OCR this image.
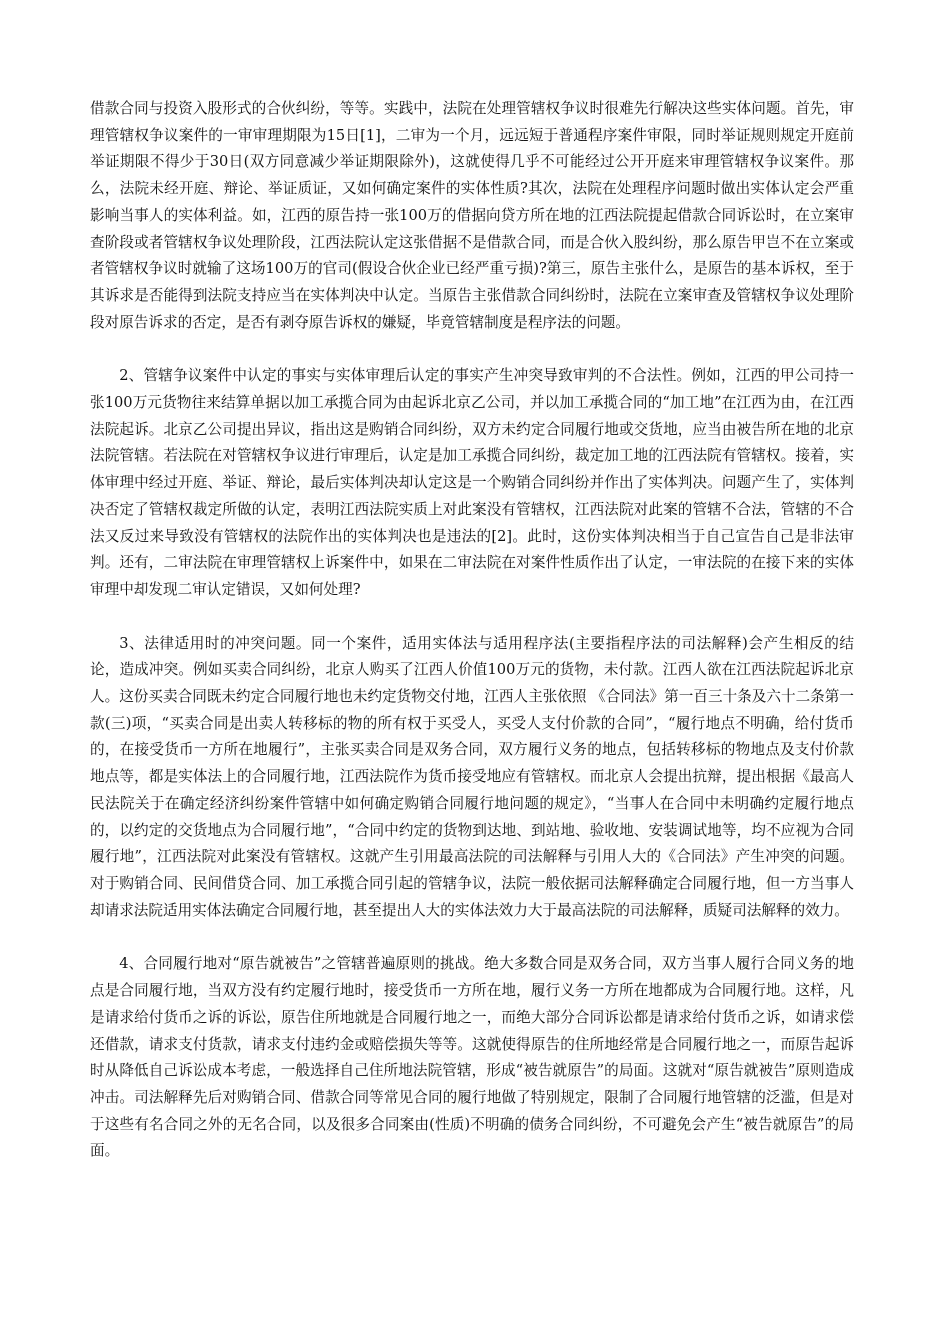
借款合同与投资入股形式的合伙纠纷，等等。实践中，法院在处理管辖权争议时很难先行解决这些实体问题。首先，审理管辖权争议案件的一审审理期限为15日[1]，二审为一个月，远远短于普通程序案件审限，同时举证规则规定开庭前举证期限不得少于30日(双方同意减少举证期限除外)，这就使得几乎不可能经过公开开庭来审理管辖权争议案件。那么，法院未经开庭、辩论、举证质证，又如何确定案件的实体性质?其次，法院在处理程序问题时做出实体认定会严重影响当事人的实体利益。如，江西的原告持一张100万的借据向贷方所在地的江西法院提起借款合同诉讼时，在立案审查阶段或者管辖权争议处理阶段，江西法院认定这张借据不是借款合同，而是合伙入股纠纷，那么原告甲岂不在立案或者管辖权争议时就输了这场100万的官司(假设合伙企业已经严重亏损)?第三，原告主张什么，是原告的基本诉权，至于其诉求是否能得到法院支持应当在实体判决中认定。当原告主张借款合同纠纷时，法院在立案审查及管辖权争议处理阶段对原告诉求的否定，是否有剥夺原告诉权的嫌疑，毕竟管辖制度是程序法的问题。

2、管辖争议案件中认定的事实与实体审理后认定的事实产生冲突导致审判的不合法性。例如，江西的甲公司持一张100万元货物往来结算单据以加工承揽合同为由起诉北京乙公司，并以加工承揽合同的“加工地”在江西为由，在江西法院起诉。北京乙公司提出异议，指出这是购销合同纠纷，双方未约定合同履行地或交货地，应当由被告所在地的北京法院管辖。若法院在对管辖权争议进行审理后，认定是加工承揽合同纠纷，裁定加工地的江西法院有管辖权。接着，实体审理中经过开庭、举证、辩论，最后实体判决却认定这是一个购销合同纠纷并作出了实体判决。问题产生了，实体判决否定了管辖权裁定所做的认定，表明江西法院实质上对此案没有管辖权，江西法院对此案的管辖不合法，管辖的不合法又反过来导致没有管辖权的法院作出的实体判决也是违法的[2]。此时，这份实体判决相当于自己宣告自己是非法审判。还有，二审法院在审理管辖权上诉案件中，如果在二审法院在对案件性质作出了认定，一审法院的在接下来的实体审理中却发现二审认定错误，又如何处理?

3、法律适用时的冲突问题。同一个案件，适用实体法与适用程序法(主要指程序法的司法解释)会产生相反的结论，造成冲突。例如买卖合同纠纷，北京人购买了江西人价值100万元的货物，未付款。江西人欲在江西法院起诉北京人。这份买卖合同既未约定合同履行地也未约定货物交付地，江西人主张依照 《合同法》第一百三十条及六十二条第一款(三)项，“买卖合同是出卖人转移标的物的所有权于买受人，买受人支付价款的合同”，“履行地点不明确，给付货币的，在接受货币一方所在地履行”，主张买卖合同是双务合同，双方履行义务的地点，包括转移标的物地点及支付价款地点等，都是实体法上的合同履行地，江西法院作为货币接受地应有管辖权。而北京人会提出抗辩，提出根据《最高人民法院关于在确定经济纠纷案件管辖中如何确定购销合同履行地问题的规定》，“当事人在合同中未明确约定履行地点的，以约定的交货地点为合同履行地”，“合同中约定的货物到达地、到站地、验收地、安装调试地等，均不应视为合同履行地”，江西法院对此案没有管辖权。这就产生引用最高法院的司法解释与引用人大的《合同法》产生冲突的问题。对于购销合同、民间借贷合同、加工承揽合同引起的管辖争议，法院一般依据司法解释确定合同履行地，但一方当事人却请求法院适用实体法确定合同履行地，甚至提出人大的实体法效力大于最高法院的司法解释，质疑司法解释的效力。

4、合同履行地对“原告就被告”之管辖普遍原则的挑战。绝大多数合同是双务合同，双方当事人履行合同义务的地点是合同履行地，当双方没有约定履行地时，接受货币一方所在地，履行义务一方所在地都成为合同履行地。这样，凡是请求给付货币之诉的诉讼，原告住所地就是合同履行地之一，而绝大部分合同诉讼都是请求给付货币之诉，如请求偿还借款，请求支付货款，请求支付违约金或赔偿损失等等。这就使得原告的住所地经常是合同履行地之一，而原告起诉时从降低自己诉讼成本考虑，一般选择自己住所地法院管辖，形成“被告就原告”的局面。这就对“原告就被告”原则造成冲击。司法解释先后对购销合同、借款合同等常见合同的履行地做了特别规定，限制了合同履行地管辖的泛滥，但是对于这些有名合同之外的无名合同，以及很多合同案由(性质)不明确的债务合同纠纷，不可避免会产生“被告就原告”的局面。
